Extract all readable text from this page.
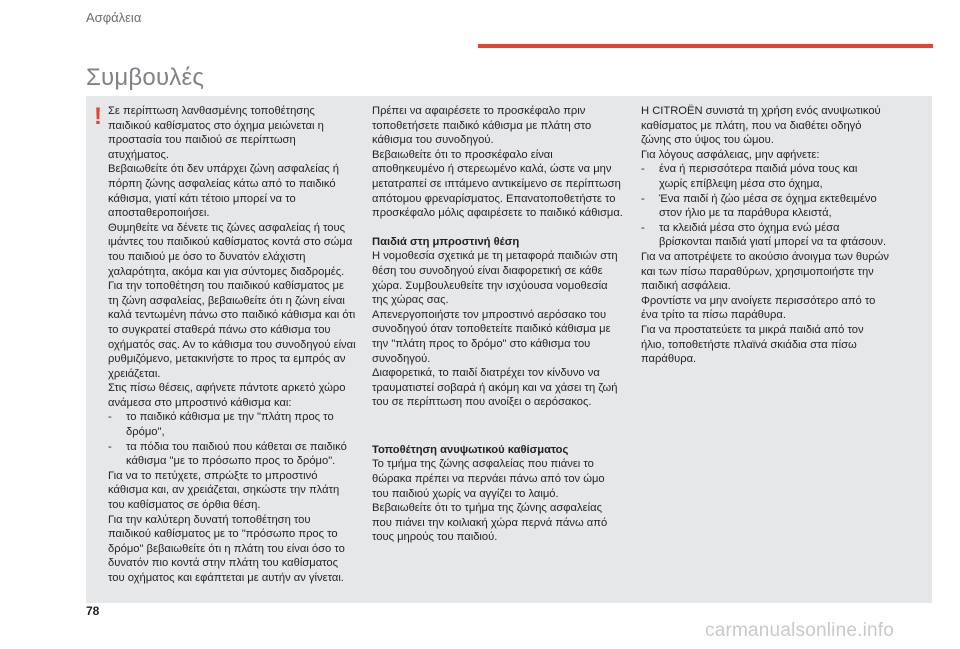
Ασφάλεια
Συμβουλές
! Σε περίπτωση λανθασμένης τοποθέτησης παιδικού καθίσματος στο όχημα μειώνεται η προστασία του παιδιού σε περίπτωση ατυχήματος.

Βεβαιωθείτε ότι δεν υπάρχει ζώνη ασφαλείας ή πόρπη ζώνης ασφαλείας κάτω από το παιδικό κάθισμα, γιατί κάτι τέτοιο μπορεί να το αποσταθεροποιήσει.

Θυμηθείτε να δένετε τις ζώνες ασφαλείας ή τους ιμάντες του παιδικού καθίσματος κοντά στο σώμα του παιδιού με όσο το δυνατόν ελάχιστη χαλαρότητα, ακόμα και για σύντομες διαδρομές.

Για την τοποθέτηση του παιδικού καθίσματος με τη ζώνη ασφαλείας, βεβαιωθείτε ότι η ζώνη είναι καλά τεντωμένη πάνω στο παιδικό κάθισμα και ότι το συγκρατεί σταθερά πάνω στο κάθισμα του οχήματός σας. Αν το κάθισμα του συνοδηγού είναι ρυθμιζόμενο, μετακινήστε το προς τα εμπρός αν χρειάζεται.

Στις πίσω θέσεις, αφήνετε πάντοτε αρκετό χώρο ανάμεσα στο μπροστινό κάθισμα και:

-	το παιδικό κάθισμα με την "πλάτη προς το δρόμο",
-	τα πόδια του παιδιού που κάθεται σε παιδικό κάθισμα "με το πρόσωπο προς το δρόμο".

Για να το πετύχετε, σπρώξτε το μπροστινό κάθισμα και, αν χρειάζεται, σηκώστε την πλάτη του καθίσματος σε όρθια θέση.

Για την καλύτερη δυνατή τοποθέτηση του παιδικού καθίσματος με το "πρόσωπο προς το δρόμο" βεβαιωθείτε ότι η πλάτη του είναι όσο το δυνατόν πιο κοντά στην πλάτη του καθίσματος του οχήματος και εφάπτεται με αυτήν αν γίνεται.

Πρέπει να αφαιρέσετε το προσκέφαλο πριν τοποθετήσετε παιδικό κάθισμα με πλάτη στο κάθισμα του συνοδηγού.

Βεβαιωθείτε ότι το προσκέφαλο είναι αποθηκευμένο ή στερεωμένο καλά, ώστε να μην μετατραπεί σε ιπτάμενο αντικείμενο σε περίπτωση απότομου φρεναρίσματος. Επανατοποθετήστε το προσκέφαλο μόλις αφαιρέσετε το παιδικό κάθισμα.

Παιδιά στη μπροστινή θέση

Η νομοθεσία σχετικά με τη μεταφορά παιδιών στη θέση του συνοδηγού είναι διαφορετική σε κάθε χώρα. Συμβουλευθείτε την ισχύουσα νομοθεσία της χώρας σας.

Απενεργοποιήστε τον μπροστινό αερόσακο του συνοδηγού όταν τοποθετείτε παιδικό κάθισμα με την "πλάτη προς το δρόμο" στο κάθισμα του συνοδηγού.

Διαφορετικά, το παιδί διατρέχει τον κίνδυνο να τραυματιστεί σοβαρά ή ακόμη και να χάσει τη ζωή του σε περίπτωση που ανοίξει ο αερόσακος.

Τοποθέτηση ανυψωτικού καθίσματος

Το τμήμα της ζώνης ασφαλείας που πιάνει το θώρακα πρέπει να περνάει πάνω από τον ώμο του παιδιού χωρίς να αγγίζει το λαιμό.

Βεβαιωθείτε ότι το τμήμα της ζώνης ασφαλείας που πιάνει την κοιλιακή χώρα περνά πάνω από τους μηρούς του παιδιού.

Η CITROËN συνιστά τη χρήση ενός ανυψωτικού καθίσματος με πλάτη, που να διαθέτει οδηγό ζώνης στο ύψος του ώμου.

Για λόγους ασφάλειας, μην αφήνετε:

-	ένα ή περισσότερα παιδιά μόνα τους και χωρίς επίβλεψη μέσα στο όχημα,
-	Ένα παιδί ή ζώο μέσα σε όχημα εκτεθειμένο στον ήλιο με τα παράθυρα κλειστά,
-	τα κλειδιά μέσα στο όχημα ενώ μέσα βρίσκονται παιδιά γιατί μπορεί να τα φτάσουν.

Για να αποτρέψετε το ακούσιο άνοιγμα των θυρών και των πίσω παραθύρων, χρησιμοποιήστε την παιδική ασφάλεια.

Φροντίστε να μην ανοίγετε περισσότερο από το ένα τρίτο τα πίσω παράθυρα.

Για να προστατεύετε τα μικρά παιδιά από τον ήλιο, τοποθετήστε πλαϊνά σκιάδια στα πίσω παράθυρα.

78
carmanualsonline.info
